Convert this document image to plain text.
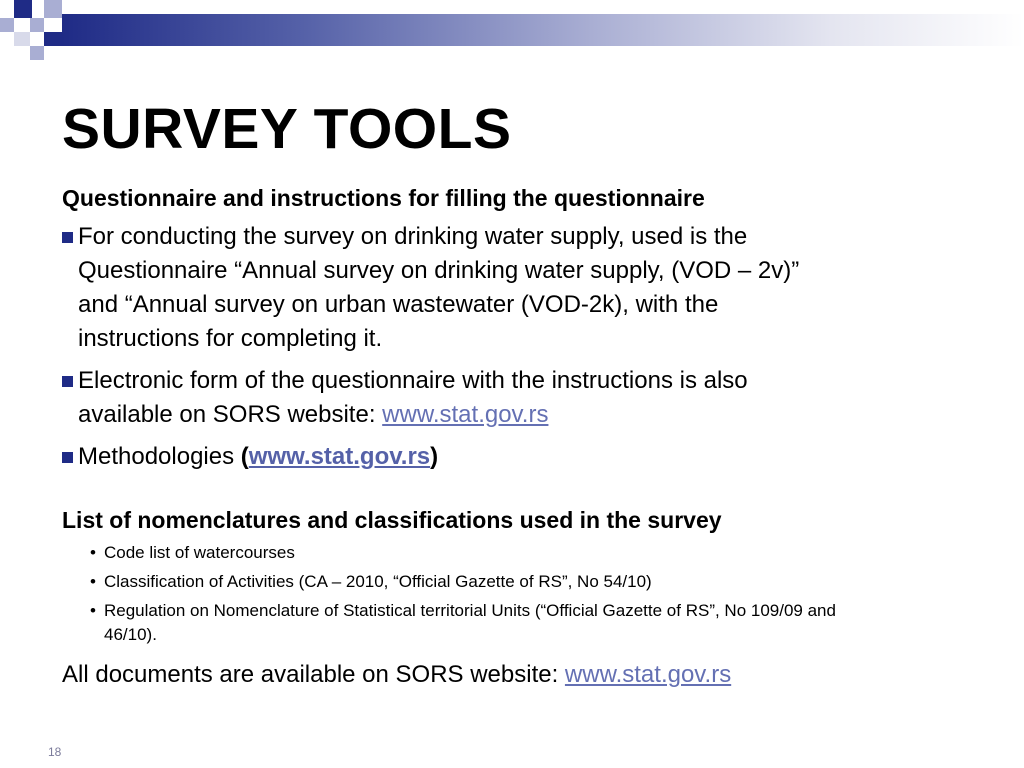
SURVEY TOOLS

Questionnaire and instructions for filling the questionnaire

For conducting the survey on drinking water supply, used is the
Questionnaire “Annual survey on drinking water supply, (VOD – 2v)”
and “Annual survey on urban wastewater (VOD-2k), with the
instructions for completing it.
Electronic form of the questionnaire with the instructions is also
available on SORS website: www.stat.gov.rs
Methodologies (www.stat.gov.rs)

List of nomenclatures and classifications used in the survey

• Code list of watercourses
• Classification of Activities (CA – 2010, “Official Gazette of RS”, No 54/10)
• Regulation on Nomenclature of Statistical territorial Units (“Official Gazette of RS”, No 109/09 and

46/10).

All documents are available on SORS website: www.stat.gov.rs

18
